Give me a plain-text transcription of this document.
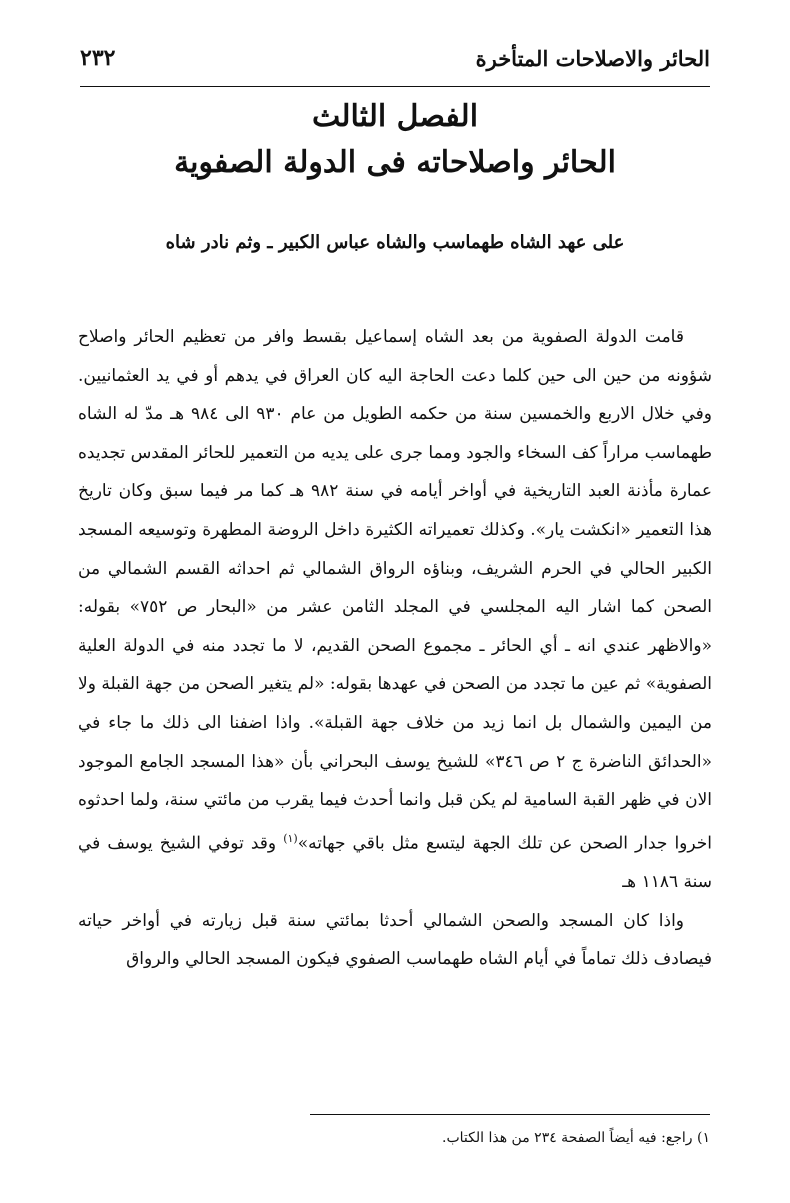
الحائر والاصلاحات المتأخرة
٢٣٢
الفصل الثالث
الحائر واصلاحاته فى الدولة الصفوية
على عهد الشاه طهماسب والشاه عباس الكبير ـ وثم نادر شاه

قامت الدولة الصفوية من بعد الشاه إسماعيل بقسط وافر من تعظيم الحائر واصلاح شؤونه من حين الى حين كلما دعت الحاجة اليه كان العراق في يدهم أو في يد العثمانيين. وفي خلال الاربع والخمسين سنة من حكمه الطويل من عام ٩٣٠ الى ٩٨٤ هـ مدّ له الشاه طهماسب مراراً كف السخاء والجود ومما جرى على يديه من التعمير للحائر المقدس تجديده عمارة مأذنة العبد التاريخية في أواخر أيامه في سنة ٩٨٢ هـ كما مر فيما سبق وكان تاريخ هذا التعمير «انكشت يار». وكذلك تعميراته الكثيرة داخل الروضة المطهرة وتوسيعه المسجد الكبير الحالي في الحرم الشريف، وبناؤه الرواق الشمالي ثم احداثه القسم الشمالي من الصحن كما اشار اليه المجلسي في المجلد الثامن عشر من «البحار ص ٧٥٢» بقوله: «والاظهر عندي انه ـ أي الحائر ـ مجموع الصحن القديم، لا ما تجدد منه في الدولة العلية الصفوية» ثم عين ما تجدد من الصحن في عهدها بقوله: «لم يتغير الصحن من جهة القبلة ولا من اليمين والشمال بل انما زيد من خلاف جهة القبلة». واذا اضفنا الى ذلك ما جاء في «الحدائق الناضرة ج ٢ ص ٣٤٦» للشيخ يوسف البحراني بأن «هذا المسجد الجامع الموجود الان في ظهر القبة السامية لم يكن قبل وانما أحدث فيما يقرب من مائتي سنة، ولما احدثوه اخروا جدار الصحن عن تلك الجهة ليتسع مثل باقي جهاته»$^{(١)}$ وقد توفي الشيخ يوسف في سنة ١١٨٦ هـ

واذا كان المسجد والصحن الشمالي أحدثا بمائتي سنة قبل زيارته في أواخر حياته فيصادف ذلك تماماً في أيام الشاه طهماسب الصفوي فيكون المسجد الحالي والرواق

١) راجع: فيه أيضاً الصفحة ٢٣٤ من هذا الكتاب.
